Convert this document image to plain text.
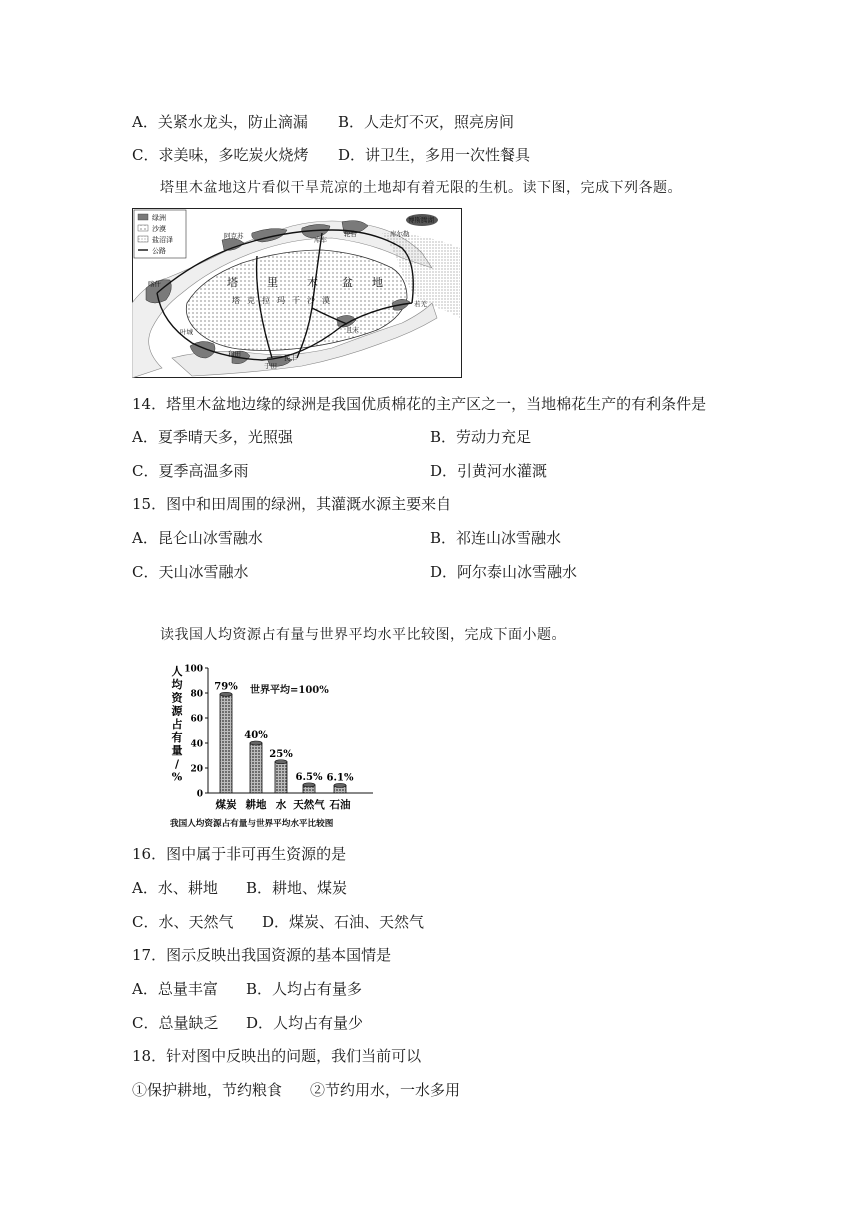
A．关紧水龙头，防止滴漏 B．人走灯不灭，照亮房间
C．求美味，多吃炭火烧烤 D．讲卫生，多用一次性餐具
塔里木盆地这片看似干旱荒凉的土地却有着无限的生机。读下图，完成下列各题。
绿洲
沙漠
盐沼泽
公路
博斯腾湖
库尔勒
轮台
库车
阿克苏
喀什
叶城
和田
于田
民丰
且末
若羌
塔	里	木 盆 地
塔 克 拉 玛 干 沙 漠
14．塔里木盆地边缘的绿洲是我国优质棉花的主产区之一，当地棉花生产的有利条件是
A．夏季晴天多，光照强	B．劳动力充足
C．夏季高温多雨	D．引黄河水灌溉
15．图中和田周围的绿洲，其灌溉水源主要来自
A．昆仑山冰雪融水	B．祁连山冰雪融水
C．天山冰雪融水	D．阿尔泰山冰雪融水
读我国人均资源占有量与世界平均水平比较图，完成下面小题。
人
均
资
源
占
有
量
/
%
0
20
40
60
80
100
79%
煤炭
40%
耕地
25%
水
6.5%
天然气
6.1%
石油
世界平均=100%
我国人均资源占有量与世界平均水平比较图
16．图中属于非可再生资源的是
A．水、耕地 B．耕地、煤炭
C．水、天然气 D．煤炭、石油、天然气
17．图示反映出我国资源的基本国情是
A．总量丰富 B．人均占有量多
C．总量缺乏 D．人均占有量少
18．针对图中反映出的问题，我们当前可以
①保护耕地，节约粮食 ②节约用水，一水多用
